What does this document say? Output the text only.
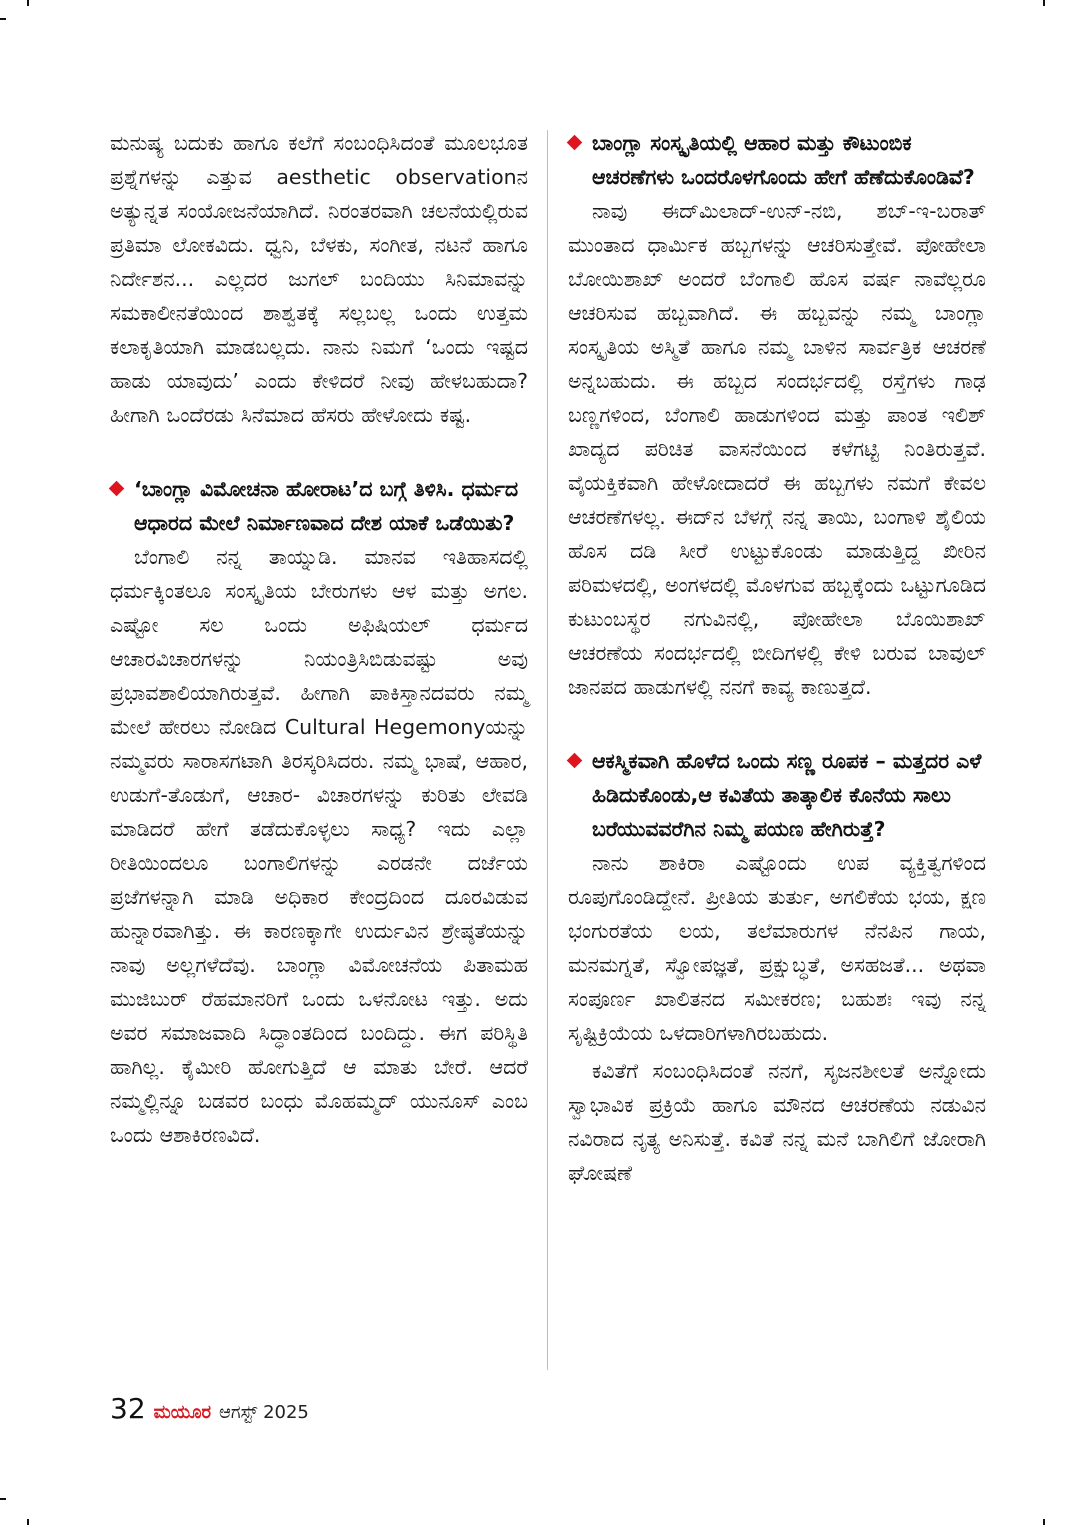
ಮನುಷ್ಯ ಬದುಕು ಹಾಗೂ ಕಲೆಗೆ ಸಂಬಂಧಿಸಿದಂತೆ ಮೂಲಭೂತ ಪ್ರಶ್ನೆಗಳನ್ನು ಎತ್ತುವ aesthetic observationನ ಅತ್ಯುನ್ನತ ಸಂಯೋಜನೆಯಾಗಿದೆ. ನಿರಂತರವಾಗಿ ಚಲನೆಯಲ್ಲಿರುವ ಪ್ರತಿಮಾ ಲೋಕವಿದು. ಧ್ವನಿ, ಬೆಳಕು, ಸಂಗೀತ, ನಟನೆ ಹಾಗೂ ನಿರ್ದೇಶನ... ಎಲ್ಲದರ ಜುಗಲ್ ಬಂದಿಯು ಸಿನಿಮಾವನ್ನು ಸಮಕಾಲೀನತೆಯಿಂದ ಶಾಶ್ವತಕ್ಕೆ ಸಲ್ಲಬಲ್ಲ ಒಂದು ಉತ್ತಮ ಕಲಾಕೃತಿಯಾಗಿ ಮಾಡಬಲ್ಲದು. ನಾನು ನಿಮಗೆ ‘ಒಂದು ಇಷ್ಟದ ಹಾಡು ಯಾವುದು’ ಎಂದು ಕೇಳಿದರೆ ನೀವು ಹೇಳಬಹುದಾ? ಹೀಗಾಗಿ ಒಂದೆರಡು ಸಿನೆಮಾದ ಹೆಸರು ಹೇಳೋದು ಕಷ್ಟ.

‘ಬಾಂಗ್ಲಾ ವಿಮೋಚನಾ ಹೋರಾಟ’ದ ಬಗ್ಗೆ ತಿಳಿಸಿ. ಧರ್ಮದ ಆಧಾರದ ಮೇಲೆ ನಿರ್ಮಾಣವಾದ ದೇಶ ಯಾಕೆ ಒಡೆಯಿತು?

ಬೆಂಗಾಲಿ ನನ್ನ ತಾಯ್ನುಡಿ. ಮಾನವ ಇತಿಹಾಸದಲ್ಲಿ ಧರ್ಮಕ್ಕಿಂತಲೂ ಸಂಸ್ಕೃತಿಯ ಬೇರುಗಳು ಆಳ ಮತ್ತು ಅಗಲ. ಎಷ್ಟೋ ಸಲ ಒಂದು ಅಫಿಷಿಯಲ್ ಧರ್ಮದ ಆಚಾರವಿಚಾರಗಳನ್ನು ನಿಯಂತ್ರಿಸಿಬಿಡುವಷ್ಟು ಅವು ಪ್ರಭಾವಶಾಲಿಯಾಗಿರುತ್ತವೆ. ಹೀಗಾಗಿ ಪಾಕಿಸ್ತಾನದವರು ನಮ್ಮ ಮೇಲೆ ಹೇರಲು ನೋಡಿದ Cultural Hegemonyಯನ್ನು ನಮ್ಮವರು ಸಾರಾಸಗಟಾಗಿ ತಿರಸ್ಕರಿಸಿದರು. ನಮ್ಮ ಭಾಷೆ, ಆಹಾರ, ಉಡುಗೆ-ತೊಡುಗೆ, ಆಚಾರ- ವಿಚಾರಗಳನ್ನು ಕುರಿತು ಲೇವಡಿ ಮಾಡಿದರೆ ಹೇಗೆ ತಡೆದುಕೊಳ್ಳಲು ಸಾಧ್ಯ? ಇದು ಎಲ್ಲಾ ರೀತಿಯಿಂದಲೂ ಬಂಗಾಲಿಗಳನ್ನು ಎರಡನೇ ದರ್ಜೆಯ ಪ್ರಜೆಗಳನ್ನಾಗಿ ಮಾಡಿ ಅಧಿಕಾರ ಕೇಂದ್ರದಿಂದ ದೂರವಿಡುವ ಹುನ್ನಾರವಾಗಿತ್ತು. ಈ ಕಾರಣಕ್ಕಾಗೇ ಉರ್ದುವಿನ ಶ್ರೇಷ್ಠತೆಯನ್ನು ನಾವು ಅಲ್ಲಗಳೆದೆವು. ಬಾಂಗ್ಲಾ ವಿಮೋಚನೆಯ ಪಿತಾಮಹ ಮುಜಿಬುರ್ ರೆಹಮಾನರಿಗೆ ಒಂದು ಒಳನೋಟ ಇತ್ತು. ಅದು ಅವರ ಸಮಾಜವಾದಿ ಸಿದ್ಧಾಂತದಿಂದ ಬಂದಿದ್ದು. ಈಗ ಪರಿಸ್ಥಿತಿ ಹಾಗಿಲ್ಲ. ಕೈಮೀರಿ ಹೋಗುತ್ತಿದೆ ಆ ಮಾತು ಬೇರೆ. ಆದರೆ ನಮ್ಮಲ್ಲಿನ್ನೂ ಬಡವರ ಬಂಧು ಮೊಹಮ್ಮದ್ ಯುನೂಸ್ ಎಂಬ ಒಂದು ಆಶಾಕಿರಣವಿದೆ.

ಬಾಂಗ್ಲಾ ಸಂಸ್ಕೃತಿಯಲ್ಲಿ ಆಹಾರ ಮತ್ತು ಕೌಟುಂಬಿಕ ಆಚರಣೆಗಳು ಒಂದರೊಳಗೊಂದು ಹೇಗೆ ಹೆಣೆದುಕೊಂಡಿವೆ?

ನಾವು ಈದ್‌ಮಿಲಾದ್-ಉನ್-ನಬಿ, ಶಬ್-ಇ-ಬರಾತ್ ಮುಂತಾದ ಧಾರ್ಮಿಕ ಹಬ್ಬಗಳನ್ನು ಆಚರಿಸುತ್ತೇವೆ. ಪೋಹೇಲಾ ಬೋಯಿಶಾಖ್ ಅಂದರೆ ಬೆಂಗಾಲಿ ಹೊಸ ವರ್ಷ ನಾವೆಲ್ಲರೂ ಆಚರಿಸುವ ಹಬ್ಬವಾಗಿದೆ. ಈ ಹಬ್ಬವನ್ನು ನಮ್ಮ ಬಾಂಗ್ಲಾ ಸಂಸ್ಕೃತಿಯ ಅಸ್ಮಿತೆ ಹಾಗೂ ನಮ್ಮ ಬಾಳಿನ ಸಾರ್ವತ್ರಿಕ ಆಚರಣೆ ಅನ್ನಬಹುದು. ಈ ಹಬ್ಬದ ಸಂದರ್ಭದಲ್ಲಿ ರಸ್ತೆಗಳು ಗಾಢ ಬಣ್ಣಗಳಿಂದ, ಬೆಂಗಾಲಿ ಹಾಡುಗಳಿಂದ ಮತ್ತು ಪಾಂತ ಇಲಿಶ್ ಖಾದ್ಯದ ಪರಿಚಿತ ವಾಸನೆಯಿಂದ ಕಳೆಗಟ್ಟಿ ನಿಂತಿರುತ್ತವೆ. ವೈಯಕ್ತಿಕವಾಗಿ ಹೇಳೋದಾದರೆ ಈ ಹಬ್ಬಗಳು ನಮಗೆ ಕೇವಲ ಆಚರಣೆಗಳಲ್ಲ. ಈದ್‌ನ ಬೆಳಗ್ಗೆ ನನ್ನ ತಾಯಿ, ಬಂಗಾಳಿ ಶೈಲಿಯ ಹೊಸ ದಡಿ ಸೀರೆ ಉಟ್ಟುಕೊಂಡು ಮಾಡುತ್ತಿದ್ದ ಖೀರಿನ ಪರಿಮಳದಲ್ಲಿ, ಅಂಗಳದಲ್ಲಿ ಮೊಳಗುವ ಹಬ್ಬಕ್ಕೆಂದು ಒಟ್ಟುಗೂಡಿದ ಕುಟುಂಬಸ್ಥರ ನಗುವಿನಲ್ಲಿ, ಪೋಹೇಲಾ ಬೊಯಿಶಾಖ್ ಆಚರಣೆಯ ಸಂದರ್ಭದಲ್ಲಿ ಬೀದಿಗಳಲ್ಲಿ ಕೇಳಿ ಬರುವ ಬಾವುಲ್ ಜಾನಪದ ಹಾಡುಗಳಲ್ಲಿ ನನಗೆ ಕಾವ್ಯ ಕಾಣುತ್ತದೆ.

ಆಕಸ್ಮಿಕವಾಗಿ ಹೊಳೆದ ಒಂದು ಸಣ್ಣ ರೂಪಕ – ಮತ್ತದರ ಎಳೆ ಹಿಡಿದುಕೊಂಡು,ಆ ಕವಿತೆಯ ತಾತ್ಕಾಲಿಕ ಕೊನೆಯ ಸಾಲು ಬರೆಯುವವರೆಗಿನ ನಿಮ್ಮ ಪಯಣ ಹೇಗಿರುತ್ತೆ?

ನಾನು ಶಾಕಿರಾ ಎಷ್ಟೊಂದು ಉಪ ವ್ಯಕ್ತಿತ್ವಗಳಿಂದ ರೂಪುಗೊಂಡಿದ್ದೇನೆ. ಪ್ರೀತಿಯ ತುರ್ತು, ಅಗಲಿಕೆಯ ಭಯ, ಕ್ಷಣ ಭಂಗುರತೆಯ ಲಯ, ತಲೆಮಾರುಗಳ ನೆನಪಿನ ಗಾಯ, ಮನಮಗ್ನತೆ, ಸ್ವೋಪಜ್ಞತೆ, ಪ್ರಕ್ಷುಬ್ಧತೆ, ಅಸಹಜತೆ... ಅಥವಾ ಸಂಪೂರ್ಣ ಖಾಲಿತನದ ಸಮೀಕರಣ; ಬಹುಶಃ ಇವು ನನ್ನ ಸೃಷ್ಟಿಕ್ರಿಯೆಯ ಒಳದಾರಿಗಳಾಗಿರಬಹುದು.

ಕವಿತೆಗೆ ಸಂಬಂಧಿಸಿದಂತೆ ನನಗೆ, ಸೃಜನಶೀಲತೆ ಅನ್ನೋದು ಸ್ವಾಭಾವಿಕ ಪ್ರಕ್ರಿಯೆ ಹಾಗೂ ಮೌನದ ಆಚರಣೆಯ ನಡುವಿನ ನವಿರಾದ ನೃತ್ಯ ಅನಿಸುತ್ತೆ. ಕವಿತೆ ನನ್ನ ಮನೆ ಬಾಗಿಲಿಗೆ ಜೋರಾಗಿ ಘೋಷಣೆ

32 ಮಯೂರ ಆಗಸ್ಟ್ 2025
